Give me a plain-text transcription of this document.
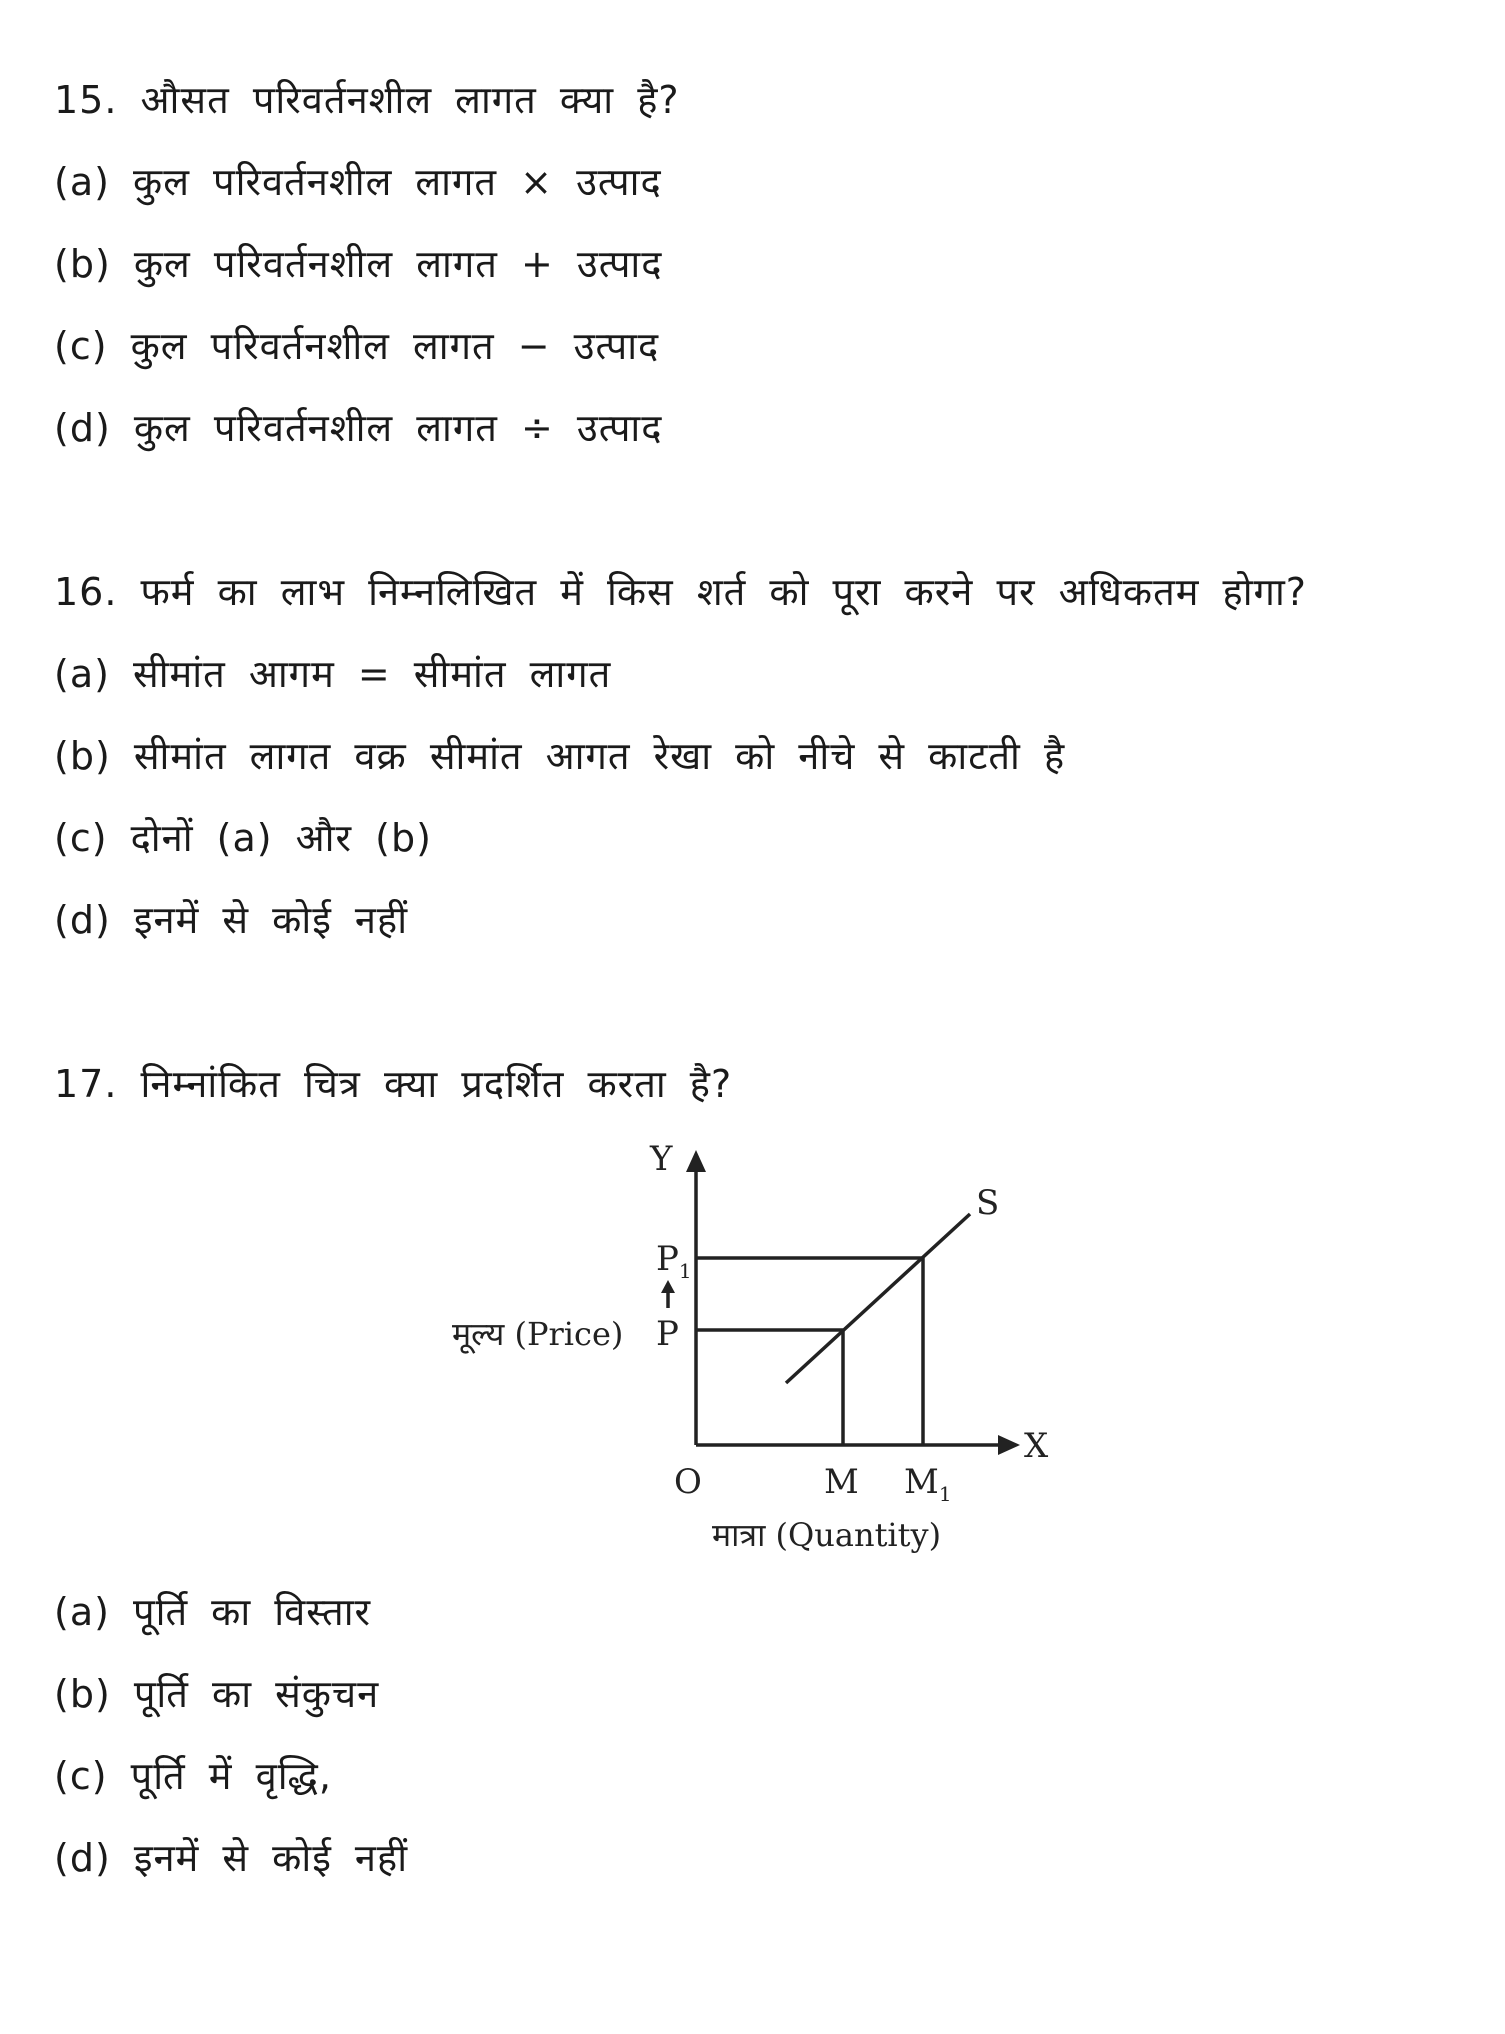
15. औसत परिवर्तनशील लागत क्या है?
(a) कुल परिवर्तनशील लागत × उत्पाद
(b) कुल परिवर्तनशील लागत + उत्पाद
(c) कुल परिवर्तनशील लागत − उत्पाद
(d) कुल परिवर्तनशील लागत ÷ उत्पाद
16. फर्म का लाभ निम्नलिखित में किस शर्त को पूरा करने पर अधिकतम होगा?
(a) सीमांत आगम = सीमांत लागत
(b) सीमांत लागत वक्र सीमांत आगत रेखा को नीचे से काटती है
(c) दोनों (a) और (b)
(d) इनमें से कोई नहीं
17. निम्नांकित चित्र क्या प्रदर्शित करता है?
Y
X
S
O
$P_1$
P
M $M_1$
मूल्य (Price)
मात्रा (Quantity)
(a) पूर्ति का विस्तार
(b) पूर्ति का संकुचन
(c) पूर्ति में वृद्धि,
(d) इनमें से कोई नहीं
